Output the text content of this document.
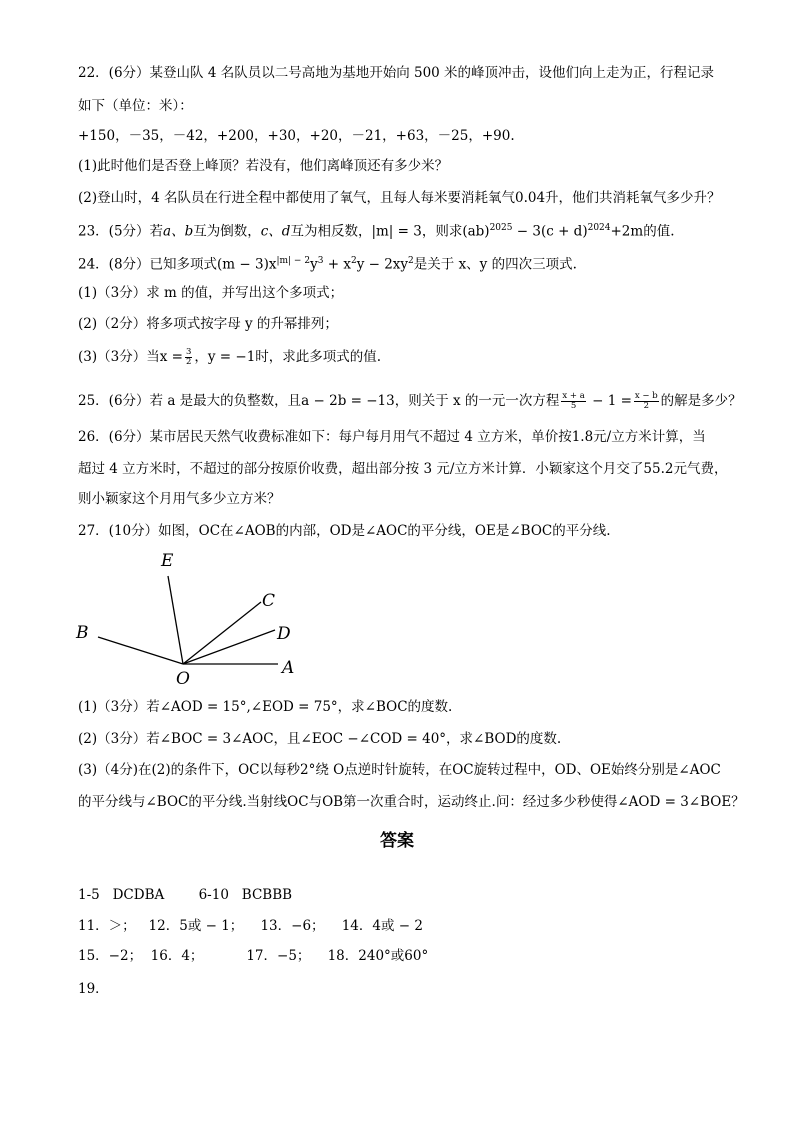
22．(6分）某登山队 4 名队员以二号高地为基地开始向 500 米的峰顶冲击，设他们向上走为正，行程记录
如下（单位：米）：
+150，－35，－42，+200，+30，+20，－21，+63，－25，+90.
(1)此时他们是否登上峰顶？若没有，他们离峰顶还有多少米？
(2)登山时，4 名队员在行进全程中都使用了氧气，且每人每米要消耗氧气0.04升，他们共消耗氧气多少升？
23．(5分）若a、b互为倒数，c、d互为相反数，|m| = 3，则求$(ab)^{2025} - 3(c + d)^{2024}+2m$的值.
24．(8分）已知多项式$(m - 3)x^{|m| - 2}y^3 + x^2y - 2xy^2$是关于 x、y 的四次三项式.
(1)（3分）求 m 的值，并写出这个多项式；
(2)（2分）将多项式按字母 y 的升幂排列；
(3)（3分）当$x = \frac{3}{2}$ ，y = −1时，求此多项式的值.
25．(6分）若 a 是最大的负整数，且a − 2b = −13，则关于 x 的一元一次方程 $\frac{x + a}{5} - 1 = \frac{x - b}{2}$ 的解是多少？
26．(6分）某市居民天然气收费标准如下：每户每月用气不超过 4 立方米，单价按1.8元/立方米计算，当
超过 4 立方米时，不超过的部分按原价收费，超出部分按 3 元/立方米计算．小颖家这个月交了55.2元气费，
则小颖家这个月用气多少立方米？
27．(10分）如图，OC在∠AOB的内部，OD是∠AOC的平分线，OE是∠BOC的平分线.
E
C
B	D
O
A
(1)（3分）若∠AOD = 15°,∠EOD = 75°，求∠BOC的度数.
(2)（3分）若∠BOC = 3∠AOC，且∠EOC −∠COD = 40°，求∠BOD的度数.
(3)（4分)在(2)的条件下，OC以每秒2°绕 O点逆时针旋转，在OC旋转过程中，OD、OE始终分别是∠AOC
的平分线与∠BOC的平分线.当射线OC与OB第一次重合时，运动终止.问：经过多少秒使得∠AOD = 3∠BOE？
答案
1-5   DCDBA        6-10   BCBBB
11．＞；   12．5或 − 1；    13．−6；    14．4或 − 2
15．−2；  16．4；          17．−5；    18．240°或60°
19．
